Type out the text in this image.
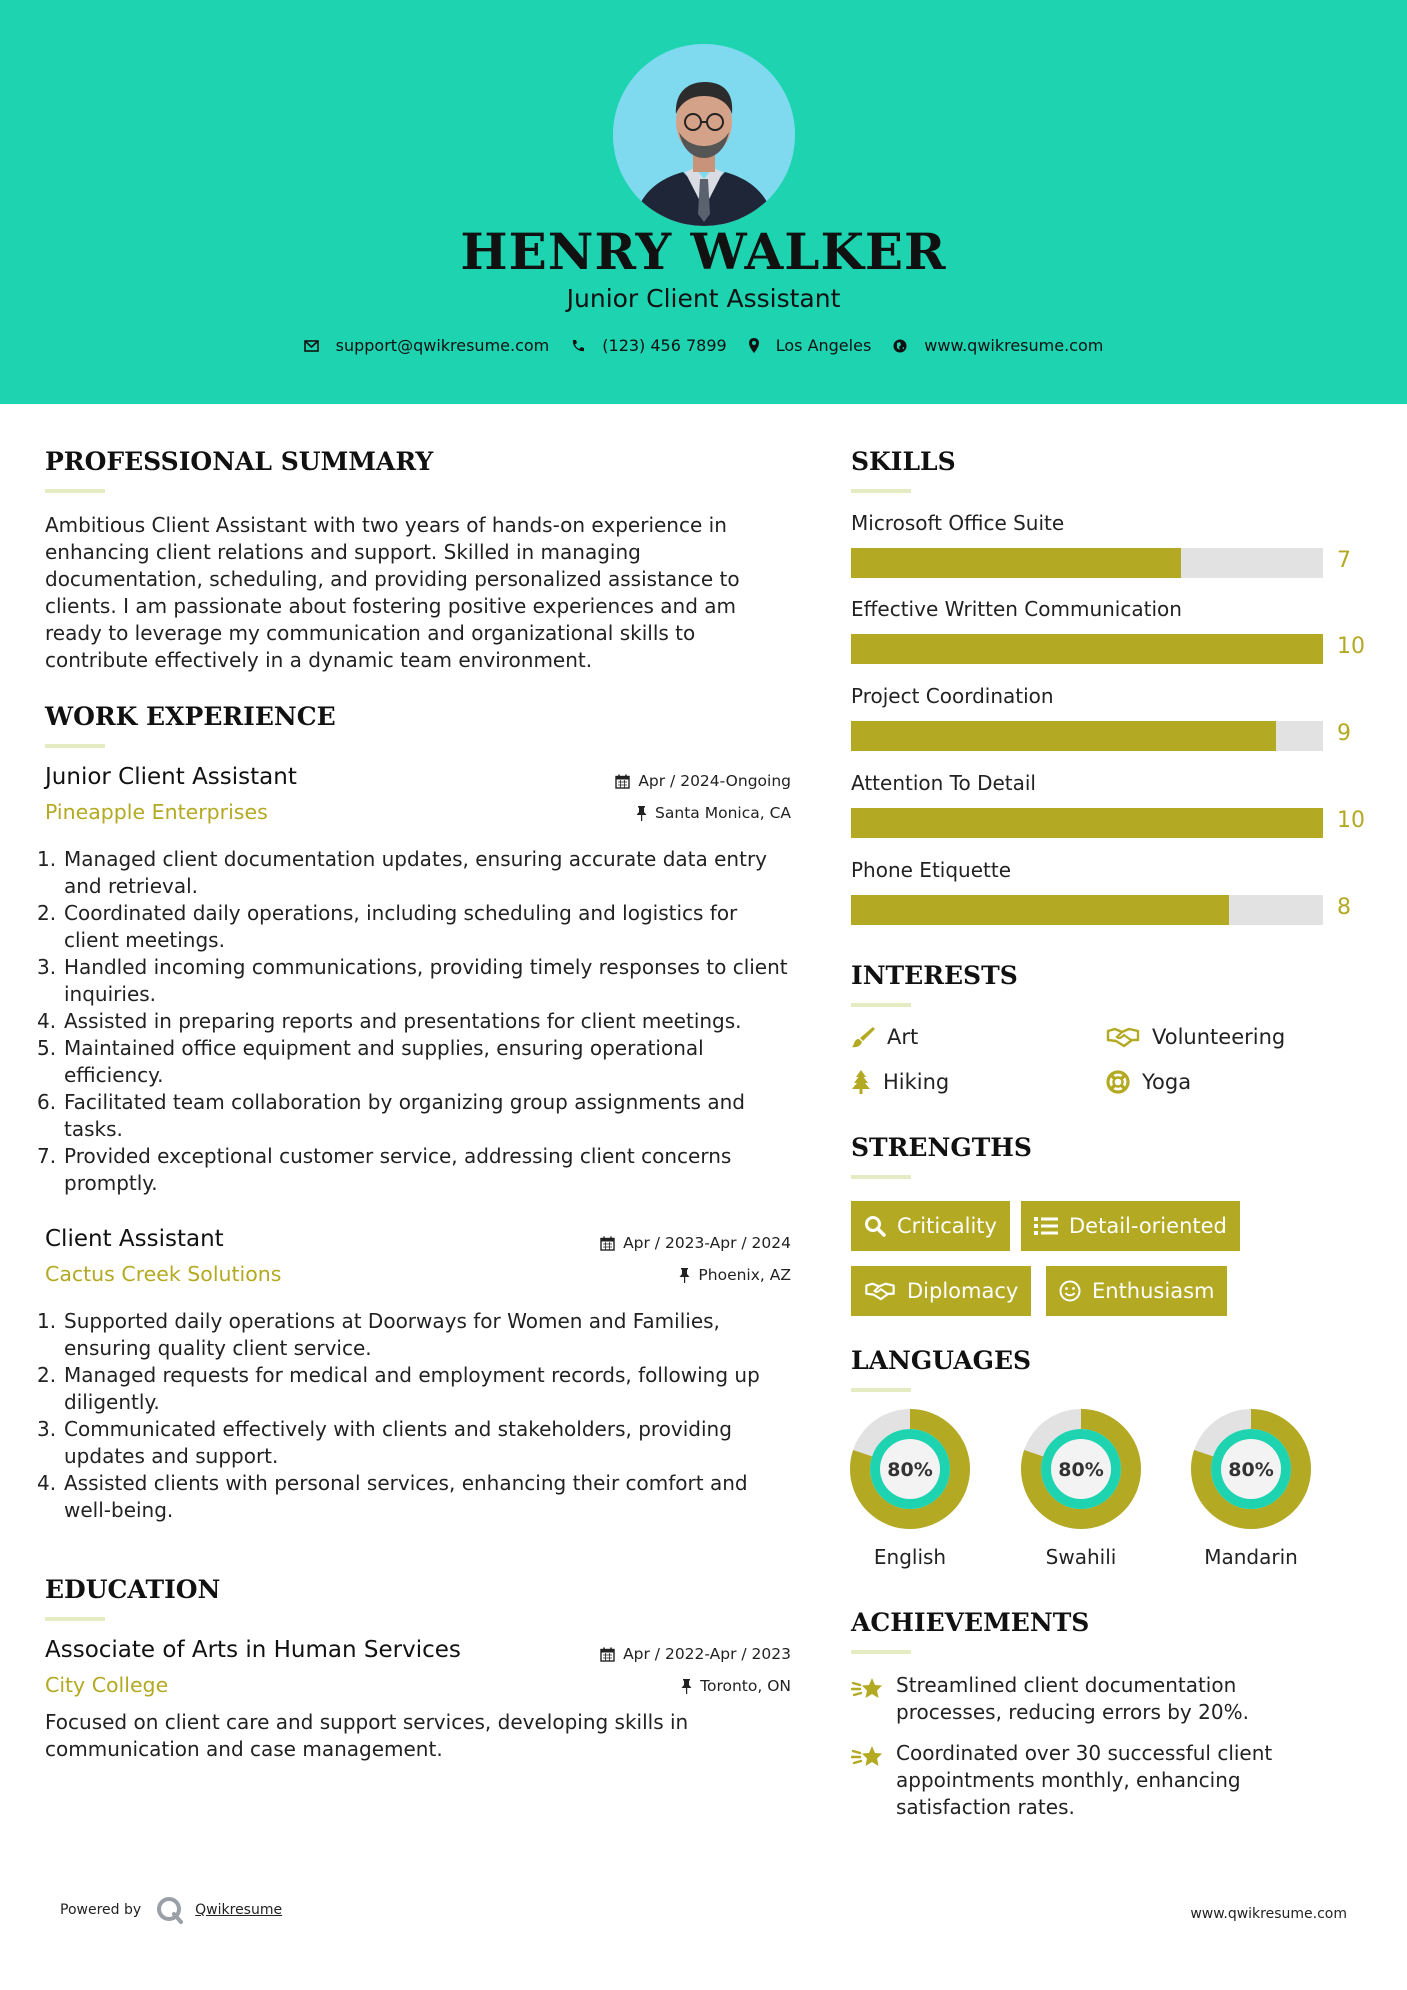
HENRY WALKER
Junior Client Assistant
support@qwikresume.com	(123) 456 7899	Los Angeles	www.qwikresume.com
PROFESSIONAL SUMMARY
Ambitious Client Assistant with two years of hands-on experience in enhancing client relations and support. Skilled in managing documentation, scheduling, and providing personalized assistance to clients. I am passionate about fostering positive experiences and am ready to leverage my communication and organizational skills to contribute effectively in a dynamic team environment.
WORK EXPERIENCE
Junior Client Assistant	Apr / 2024-Ongoing
Pineapple Enterprises	Santa Monica, CA
1. Managed client documentation updates, ensuring accurate data entry and retrieval.
2. Coordinated daily operations, including scheduling and logistics for client meetings.
3. Handled incoming communications, providing timely responses to client inquiries.
4. Assisted in preparing reports and presentations for client meetings.
5. Maintained office equipment and supplies, ensuring operational efficiency.
6. Facilitated team collaboration by organizing group assignments and tasks.
7. Provided exceptional customer service, addressing client concerns promptly.
Client Assistant	Apr / 2023-Apr / 2024
Cactus Creek Solutions	Phoenix, AZ
1. Supported daily operations at Doorways for Women and Families, ensuring quality client service.
2. Managed requests for medical and employment records, following up diligently.
3. Communicated effectively with clients and stakeholders, providing updates and support.
4. Assisted clients with personal services, enhancing their comfort and well-being.
EDUCATION
Associate of Arts in Human Services	Apr / 2022-Apr / 2023
City College	Toronto, ON
Focused on client care and support services, developing skills in communication and case management.
SKILLS
Microsoft Office Suite
7
Effective Written Communication
10
Project Coordination
9
Attention To Detail
10
Phone Etiquette
8
INTERESTS
Art	Volunteering
Hiking	Yoga
STRENGTHS
Criticality	Detail-oriented
Diplomacy	Enthusiasm
LANGUAGES
80%
English
80%
Swahili
80%
Mandarin
ACHIEVEMENTS
Streamlined client documentation processes, reducing errors by 20%.
Coordinated over 30 successful client appointments monthly, enhancing satisfaction rates.
Powered by	Qwikresume	www.qwikresume.com
